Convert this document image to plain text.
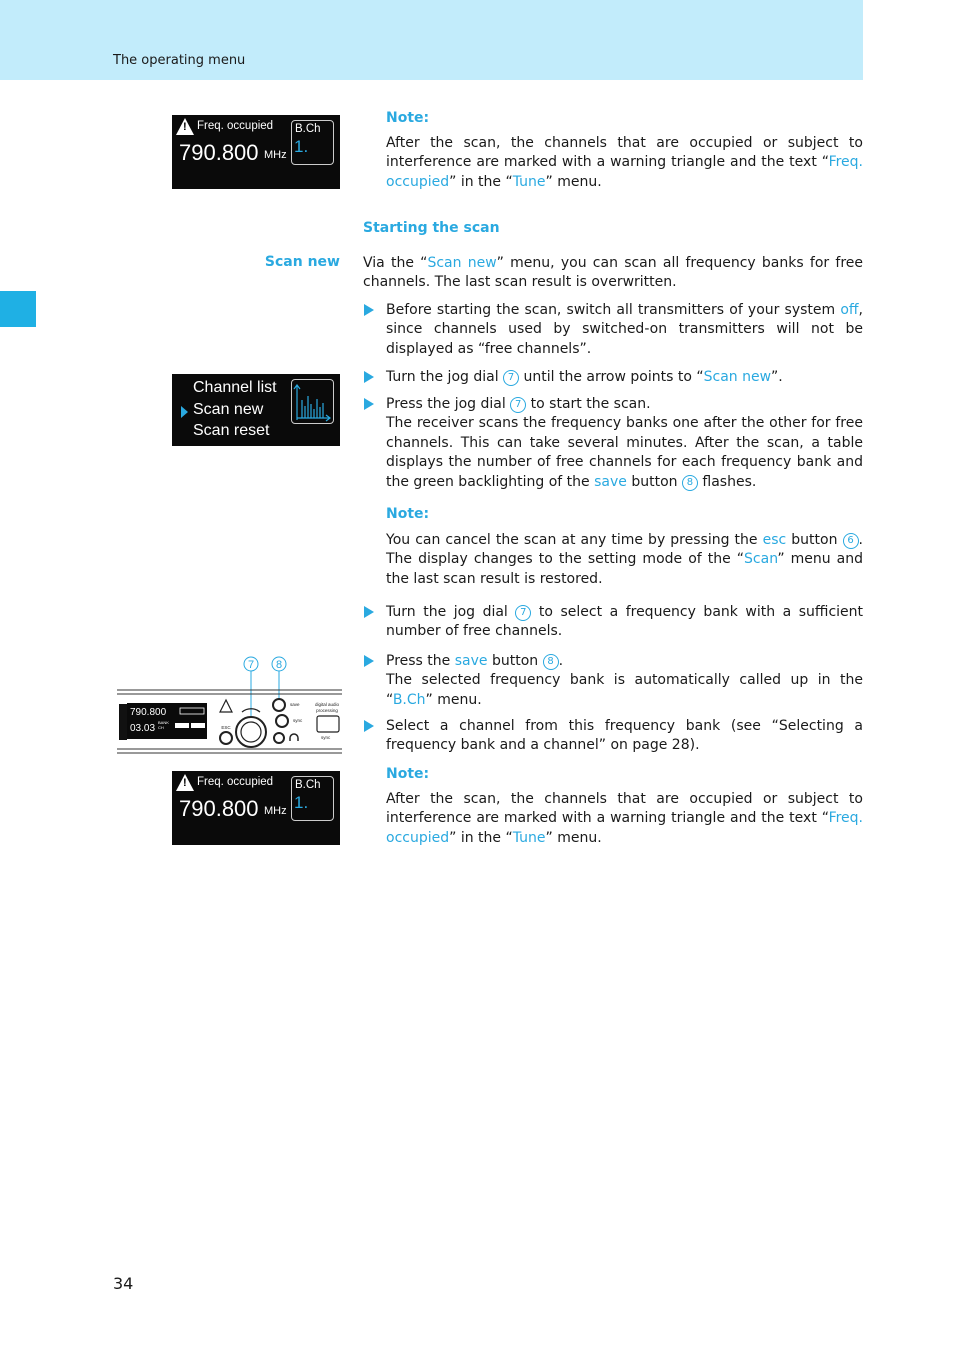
The operating menu
Note:
After the scan, the channels that are occupied or subject to interference are marked with a warning triangle and the text “Freq. occupied” in the “Tune” menu.
!
Freq. occupied
790.800 MHz
B.Ch
1.
Starting the scan
Scan new Via the “Scan new” menu, you can scan all frequency banks for free channels. The last scan result is overwritten.
Before starting the scan, switch all transmitters of your system off, since channels used by switched-on transmitters will not be displayed as “free channels”.
Channel list
Scan new
Scan reset
Turn the jog dial 7 until the arrow points to “Scan new”.
Press the jog dial 7 to start the scan.
The receiver scans the frequency banks one after the other for free channels. This can take several minutes. After the scan, a table displays the number of free channels for each frequency bank and the green backlighting of the save button 8 flashes.
Note:
You can cancel the scan at any time by pressing the esc button 6 . The display changes to the setting mode of the “Scan” menu and the last scan result is restored.
Turn the jog dial 7 to select a frequency bank with a sufficient number of free channels.
Press the save button 8 .
The selected frequency bank is automatically called up in the “B.Ch” menu.
Select a channel from this frequency bank (see “Selecting a frequency bank and a channel” on page 28).
7 8
790.800
03.03
BANK
CH	ESC
save
sync
digital audio
processing
sync
!
Freq. occupied
790.800 MHz
B.Ch
1.
Note:
After the scan, the channels that are occupied or subject to interference are marked with a warning triangle and the text “Freq. occupied” in the “Tune” menu.
34
